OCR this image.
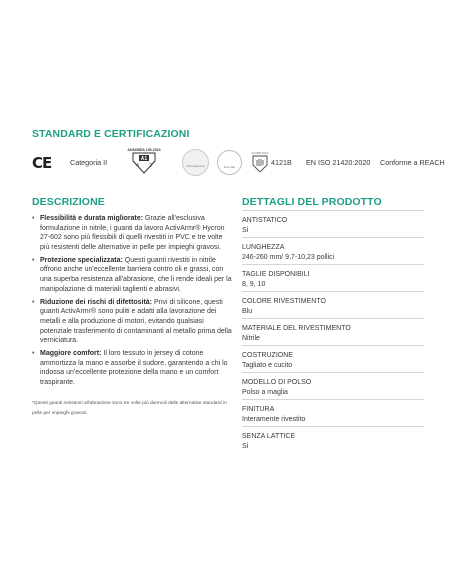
STANDARD E CERTIFICAZIONI
CE	Categoria II
ANSI/ISEA 105-2024
A1
4 2	microorganismi	food safe
EN388:2016
4121B EN ISO 21420:2020 Conforme a REACH
DESCRIZIONE

• Flessibilità e durata migliorate: Grazie all'esclusiva formulazione in nitrile, i guanti da lavoro ActivArmr® Hycron 27-602 sono più flessibili di quelli rivestiti in PVC e tre volte più resistenti delle alternative in pelle per impieghi gravosi.

• Protezione specializzata: Questi guanti rivestiti in nitrile offrono anche un'eccellente barriera contro oli e grassi, con una superba resistenza all'abrasione, che li rende ideali per la manipolazione di materiali taglienti e abrasivi.

• Riduzione dei rischi di difettosità: Privi di silicone, questi guanti ActivArmr® sono puliti e adatti alla lavorazione dei metalli e alla produzione di motori, evitando qualsiasi potenziale trasferimento di contaminanti al metallo prima della verniciatura.

• Maggiore comfort: Il loro tessuto in jersey di cotone ammortizza la mano e assorbe il sudore, garantendo a chi lo indossa un'eccellente protezione della mano e un comfort traspirante.

*Questi guanti resistenti all'abrasione sono tre volte più durevoli delle alternative standard in pelle per impieghi gravosi.

DETTAGLI DEL PRODOTTO
ANTISTATICO
Sì
LUNGHEZZA
246-260 mm/ 9,7-10,23 pollici
TAGLIE DISPONIBILI
8, 9, 10
COLORE RIVESTIMENTO
Blu
MATERIALE DEL RIVESTIMENTO
Nitrile
COSTRUZIONE
Tagliato e cucito
MODELLO DI POLSO
Polso a maglia
FINITURA
Interamente rivestito
SENZA LATTICE
Sì
